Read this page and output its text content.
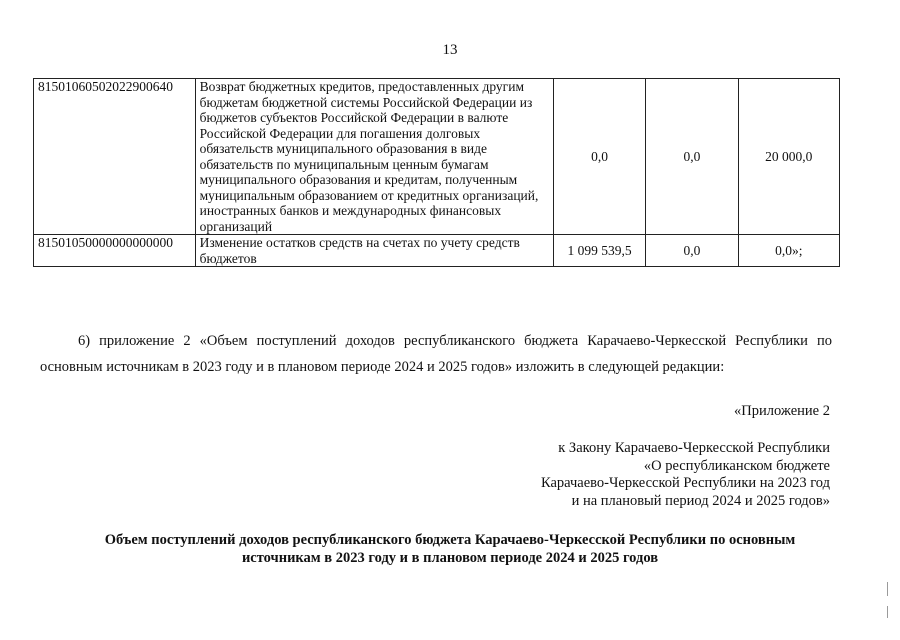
13
81501060502022900640	Возврат бюджетных кредитов, предоставленных другим бюджетам бюджетной системы Российской Федерации из бюджетов субъектов Российской Федерации в валюте Российской Федерации для погашения долговых обязательств муниципального образования в виде обязательств по муниципальным ценным бумагам муниципального образования и кредитам, полученным муниципальным образованием от кредитных организаций, иностранных банков и международных финансовых организаций	0,0	0,0	20 000,0
81501050000000000000	Изменение остатков средств на счетах по учету средств бюджетов	1 099 539,5	0,0	0,0»;
6) приложение 2 «Объем поступлений доходов республиканского бюджета Карачаево-Черкесской Республики по основным источникам в 2023 году и в плановом периоде 2024 и 2025 годов» изложить в следующей редакции:
«Приложение 2
к Закону Карачаево-Черкесской Республики
«О республиканском бюджете
Карачаево-Черкесской Республики на 2023 год
и на плановый период 2024 и 2025 годов»
Объем поступлений доходов республиканского бюджета Карачаево-Черкесской Республики по основным
источникам в 2023 году и в плановом периоде 2024 и 2025 годов
